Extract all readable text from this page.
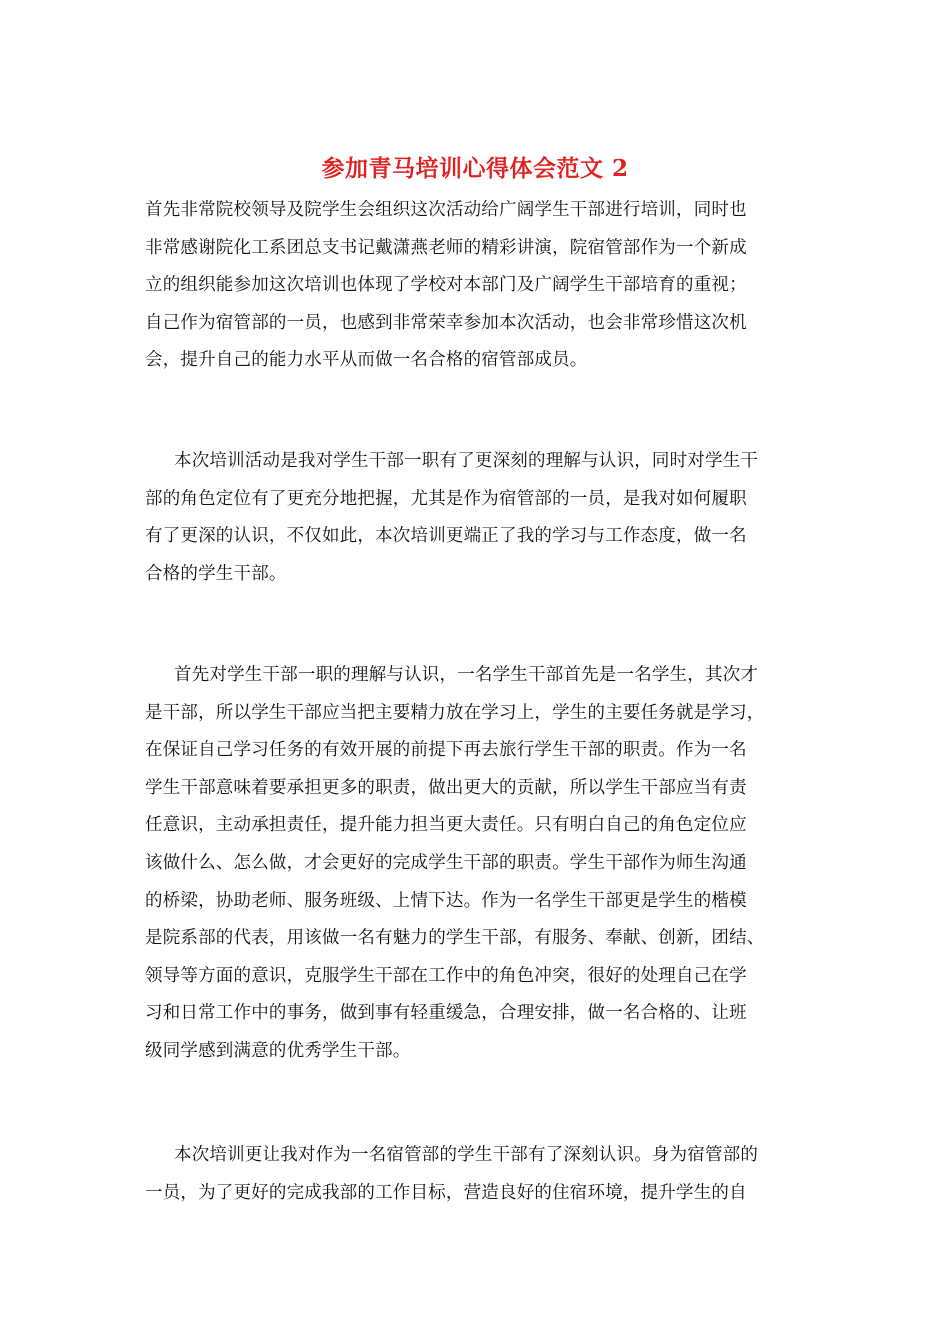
参加青马培训心得体会范文 2
首先非常院校领导及院学生会组织这次活动给广阔学生干部进行培训，同时也
非常感谢院化工系团总支书记戴潇燕老师的精彩讲演，院宿管部作为一个新成
立的组织能参加这次培训也体现了学校对本部门及广阔学生干部培育的重视；
自己作为宿管部的一员，也感到非常荣幸参加本次活动，也会非常珍惜这次机
会，提升自己的能力水平从而做一名合格的宿管部成员。
本次培训活动是我对学生干部一职有了更深刻的理解与认识，同时对学生干
部的角色定位有了更充分地把握，尤其是作为宿管部的一员，是我对如何履职
有了更深的认识，不仅如此，本次培训更端正了我的学习与工作态度，做一名
合格的学生干部。
首先对学生干部一职的理解与认识，一名学生干部首先是一名学生，其次才
是干部，所以学生干部应当把主要精力放在学习上，学生的主要任务就是学习，
在保证自己学习任务的有效开展的前提下再去旅行学生干部的职责。作为一名
学生干部意味着要承担更多的职责，做出更大的贡献，所以学生干部应当有责
任意识，主动承担责任，提升能力担当更大责任。只有明白自己的角色定位应
该做什么、怎么做，才会更好的完成学生干部的职责。学生干部作为师生沟通
的桥梁，协助老师、服务班级、上情下达。作为一名学生干部更是学生的楷模
是院系部的代表，用该做一名有魅力的学生干部，有服务、奉献、创新，团结、
领导等方面的意识，克服学生干部在工作中的角色冲突，很好的处理自己在学
习和日常工作中的事务，做到事有轻重缓急，合理安排，做一名合格的、让班
级同学感到满意的优秀学生干部。
本次培训更让我对作为一名宿管部的学生干部有了深刻认识。身为宿管部的
一员，为了更好的完成我部的工作目标，营造良好的住宿环境，提升学生的自
